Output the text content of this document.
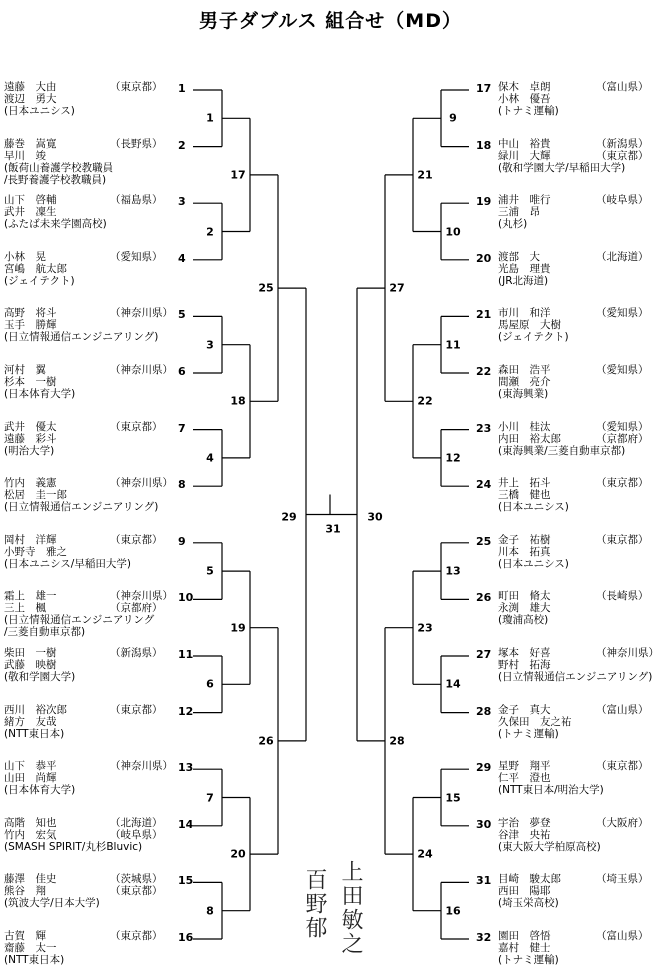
男子ダブルス 組合せ（MD）
遠藤　大由
渡辺　勇大
(日本ユニシス)
（東京都） 1
藤巻　嵩寛
早川　竣
(飯荷山養護学校教職員
/長野養護学校教職員)
（長野県） 2
山下　啓輔
武井　凜生
(ふたば未来学園高校)
（福島県） 3
小林　晃
宮嶋　航太郎
(ジェイテクト)
（愛知県） 4
高野　将斗
玉手　勝輝
(日立情報通信エンジニアリング)
（神奈川県） 5
河村　翼
杉本　一樹
(日本体育大学)
（神奈川県） 6
武井　優太
遠藤　彩斗
(明治大学)
（東京都） 7
竹内　義憲
松居　圭一郎
(日立情報通信エンジニアリング)
（神奈川県） 8
岡村　洋輝
小野寺　雅之
(日本ユニシス/早稲田大学)
（東京都） 9
霜上　雄一
三上　楓
(日立情報通信エンジニアリング
/三菱自動車京都)
（神奈川県）
（京都府）
10
柴田　一樹
武藤　映樹
(敬和学園大学)
（新潟県） 11
西川　裕次郎
緒方　友哉
(NTT東日本)
（東京都） 12
山下　恭平
山田　尚輝
(日本体育大学)
（神奈川県） 13
高階　知也
竹内　宏気
(SMASH SPIRIT/丸杉Bluvic)
（北海道）
（岐阜県）
14
藤澤　佳史
熊谷　翔
(筑波大学/日本大学)
（茨城県）
（東京都）
15
古賀　輝
齋藤　太一
(NTT東日本)
（東京都） 16
保木　卓朗
小林　優吾
(トナミ運輸)
（富山県）
17
中山　裕貴
緑川　大輝
(敬和学園大学/早稲田大学)
（新潟県）
（東京都）
18
浦井　唯行
三浦　昂
(丸杉)
（岐阜県）
19
渡部　大
光島　理貴
(JR北海道)
（北海道）
20
市川　和洋
馬屋原　大樹
(ジェイテクト)
（愛知県）
21
森田　浩平
間瀬　亮介
(東海興業)
（愛知県）
22
小川　桂汰
内田　裕太郎
(東海興業/三菱自動車京都)
（愛知県）
（京都府）
23
井上　拓斗
三橋　健也
(日本ユニシス)
（東京都）
24
金子　祐樹
川本　拓真
(日本ユニシス)
（東京都）
25
町田　脩太
永渕　雄大
(瓊浦高校)
（長崎県）
26
塚本　好喜
野村　拓海
(日立情報通信エンジニアリング)
（神奈川県）
27
金子　真大
久保田　友之祐
(トナミ運輸)
（富山県）
28
星野　翔平
仁平　澄也
(NTT東日本/明治大学)
（東京都）
29
宇治　夢登
谷津　央祐
(東大阪大学柏原高校)
（大阪府）
30
目崎　駿太郎
西田　陽耶
(埼玉栄高校)
（埼玉県）
31
園田　啓悟
嘉村　健士
(トナミ運輸)
（富山県）
32
1
2
3
4
5
6
7
8
17
18
19
20
25
26
29
9
10
11
12
13
14
15
16
21
22
23
24
27
28
30
31
上田敏之
百野郁
